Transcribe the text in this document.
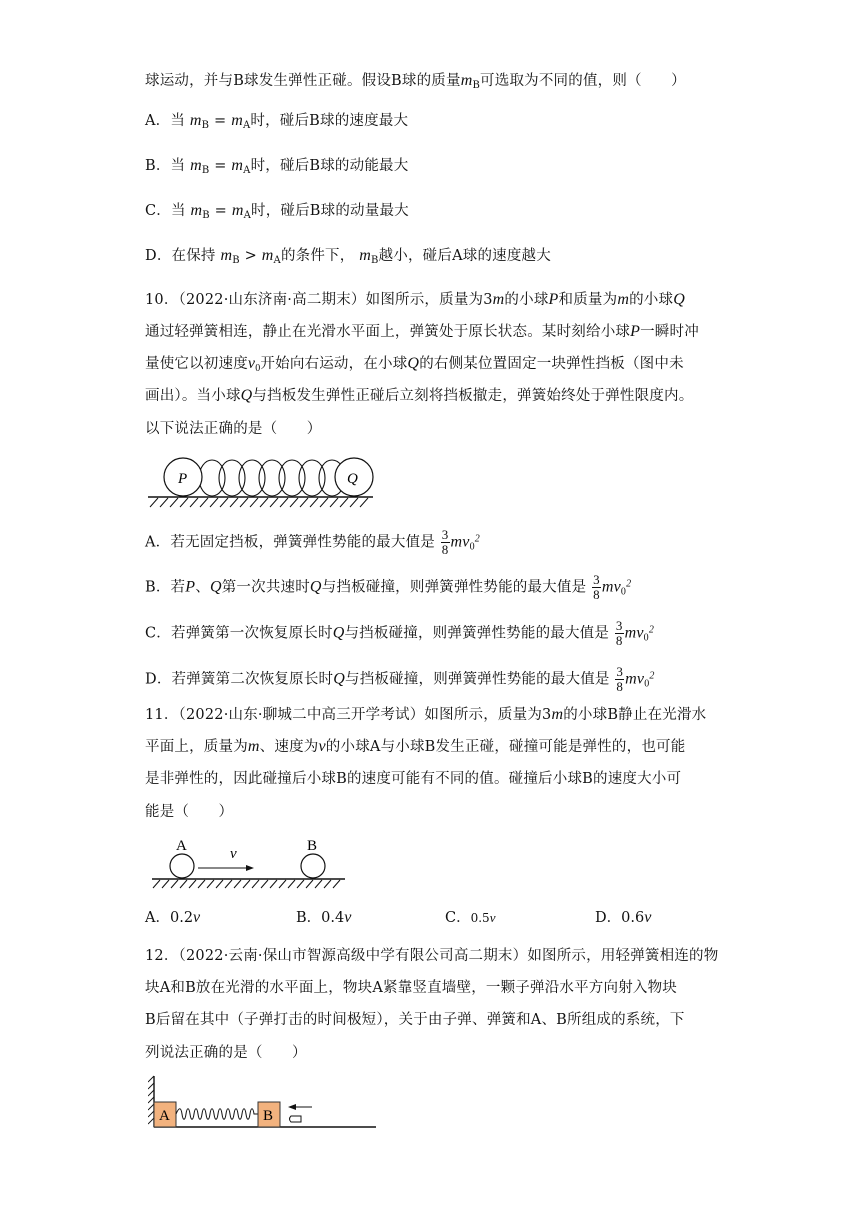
球运动，并与B球发生弹性正碰。假设B球的质量$m_B$可选取为不同的值，则（　　）
A．当 $m_B = m_A$时，碰后B球的速度最大
B．当 $m_B = m_A$时，碰后B球的动能最大
C．当 $m_B = m_A$时，碰后B球的动量最大
D．在保持 $m_B > m_A$的条件下， $m_B$越小，碰后A球的速度越大
10．（2022·山东济南·高二期末）如图所示，质量为3m的小球P和质量为m的小球Q
通过轻弹簧相连，静止在光滑水平面上，弹簧处于原长状态。某时刻给小球P一瞬时冲
量使它以初速度$v_0$开始向右运动，在小球Q的右侧某位置固定一块弹性挡板（图中未
画出）。当小球Q与挡板发生弹性正碰后立刻将挡板撤走，弹簧始终处于弹性限度内。
以下说法正确的是（　　）
P	Q
A．若无固定挡板，弹簧弹性势能的最大值是 $\frac{3}{8} mv_0^2$
B．若P、Q第一次共速时Q与挡板碰撞，则弹簧弹性势能的最大值是 $\frac{3}{8} mv_0^2$
C．若弹簧第一次恢复原长时Q与挡板碰撞，则弹簧弹性势能的最大值是 $\frac{3}{8} mv_0^2$
D．若弹簧第二次恢复原长时Q与挡板碰撞，则弹簧弹性势能的最大值是 $\frac{3}{8} mv_0^2$
11．（2022·山东·聊城二中高三开学考试）如图所示，质量为3m的小球B静止在光滑水
平面上，质量为m、速度为v的小球A与小球B发生正碰，碰撞可能是弹性的，也可能
是非弹性的，因此碰撞后小球B的速度可能有不同的值。碰撞后小球B的速度大小可
能是（　　）
A	B
v
A．0.2v	B．0.4v	C．0.5v	D．0.6v
12．（2022·云南·保山市智源高级中学有限公司高二期末）如图所示，用轻弹簧相连的物
块A和B放在光滑的水平面上，物块A紧靠竖直墙壁，一颗子弹沿水平方向射入物块
B后留在其中（子弹打击的时间极短），关于由子弹、弹簧和A、B所组成的系统，下
列说法正确的是（　　）
A	B
